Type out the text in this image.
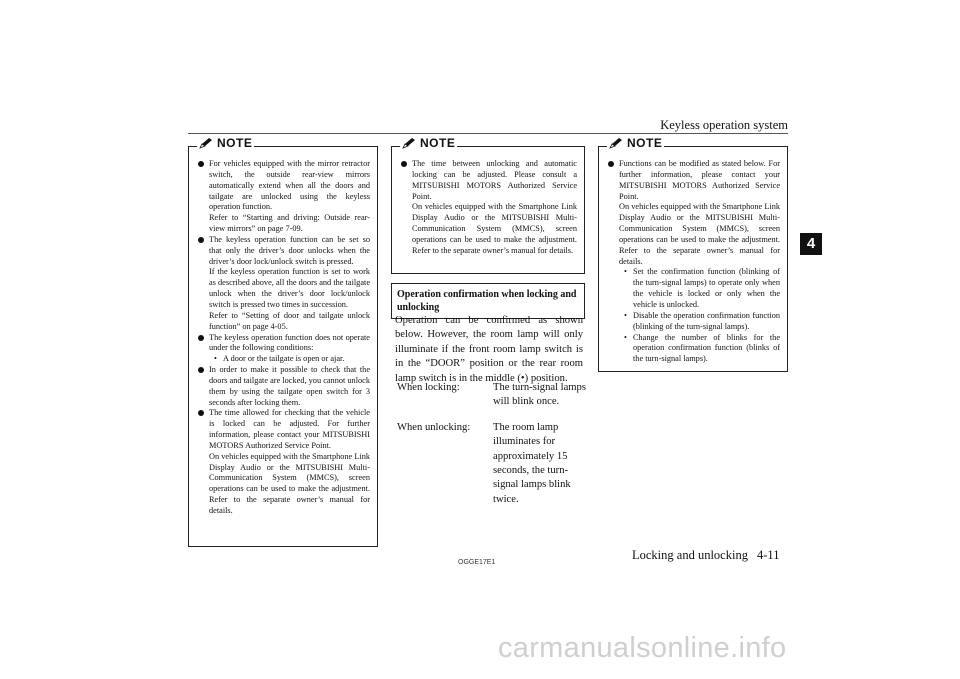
Keyless operation system
4
NOTE
For vehicles equipped with the mirror retractor switch, the outside rear-view mirrors automatically extend when all the doors and tailgate are unlocked using the keyless operation function.
Refer to “Starting and driving: Outside rear-view mirrors” on page 7-09.
The keyless operation function can be set so that only the driver’s door unlocks when the driver’s door lock/unlock switch is pressed.
If the keyless operation function is set to work as described above, all the doors and the tailgate unlock when the driver’s door lock/unlock switch is pressed two times in succession.
Refer to “Setting of door and tailgate unlock function” on page 4-05.
The keyless operation function does not operate under the following conditions:
• A door or the tailgate is open or ajar.
In order to make it possible to check that the doors and tailgate are locked, you cannot unlock them by using the tailgate open switch for 3 seconds after locking them.
The time allowed for checking that the vehicle is locked can be adjusted. For further information, please contact your MITSUBISHI MOTORS Authorized Service Point.
On vehicles equipped with the Smartphone Link Display Audio or the MITSUBISHI Multi-Communication System (MMCS), screen operations can be used to make the adjustment. Refer to the separate owner’s manual for details.
NOTE
The time between unlocking and automatic locking can be adjusted. Please consult a MITSUBISHI MOTORS Authorized Service Point.
On vehicles equipped with the Smartphone Link Display Audio or the MITSUBISHI Multi-Communication System (MMCS), screen operations can be used to make the adjustment. Refer to the separate owner’s manual for details.
Operation confirmation when locking and unlocking
Operation can be confirmed as shown below. However, the room lamp will only illuminate if the front room lamp switch is in the “DOOR” position or the rear room lamp switch is in the middle (•) position.
When locking:	The turn-signal lamps will blink once.
When unlocking:	The room lamp illuminates for approximately 15 seconds, the turn-signal lamps blink twice.
NOTE
Functions can be modified as stated below. For further information, please contact your MITSUBISHI MOTORS Authorized Service Point.
On vehicles equipped with the Smartphone Link Display Audio or the MITSUBISHI Multi-Communication System (MMCS), screen operations can be used to make the adjustment. Refer to the separate owner’s manual for details.
• Set the confirmation function (blinking of the turn-signal lamps) to operate only when the vehicle is locked or only when the vehicle is unlocked.
• Disable the operation confirmation function (blinking of the turn-signal lamps).
• Change the number of blinks for the operation confirmation function (blinks of the turn-signal lamps).
OGGE17E1
Locking and unlocking 4-11
carmanualsonline.info
